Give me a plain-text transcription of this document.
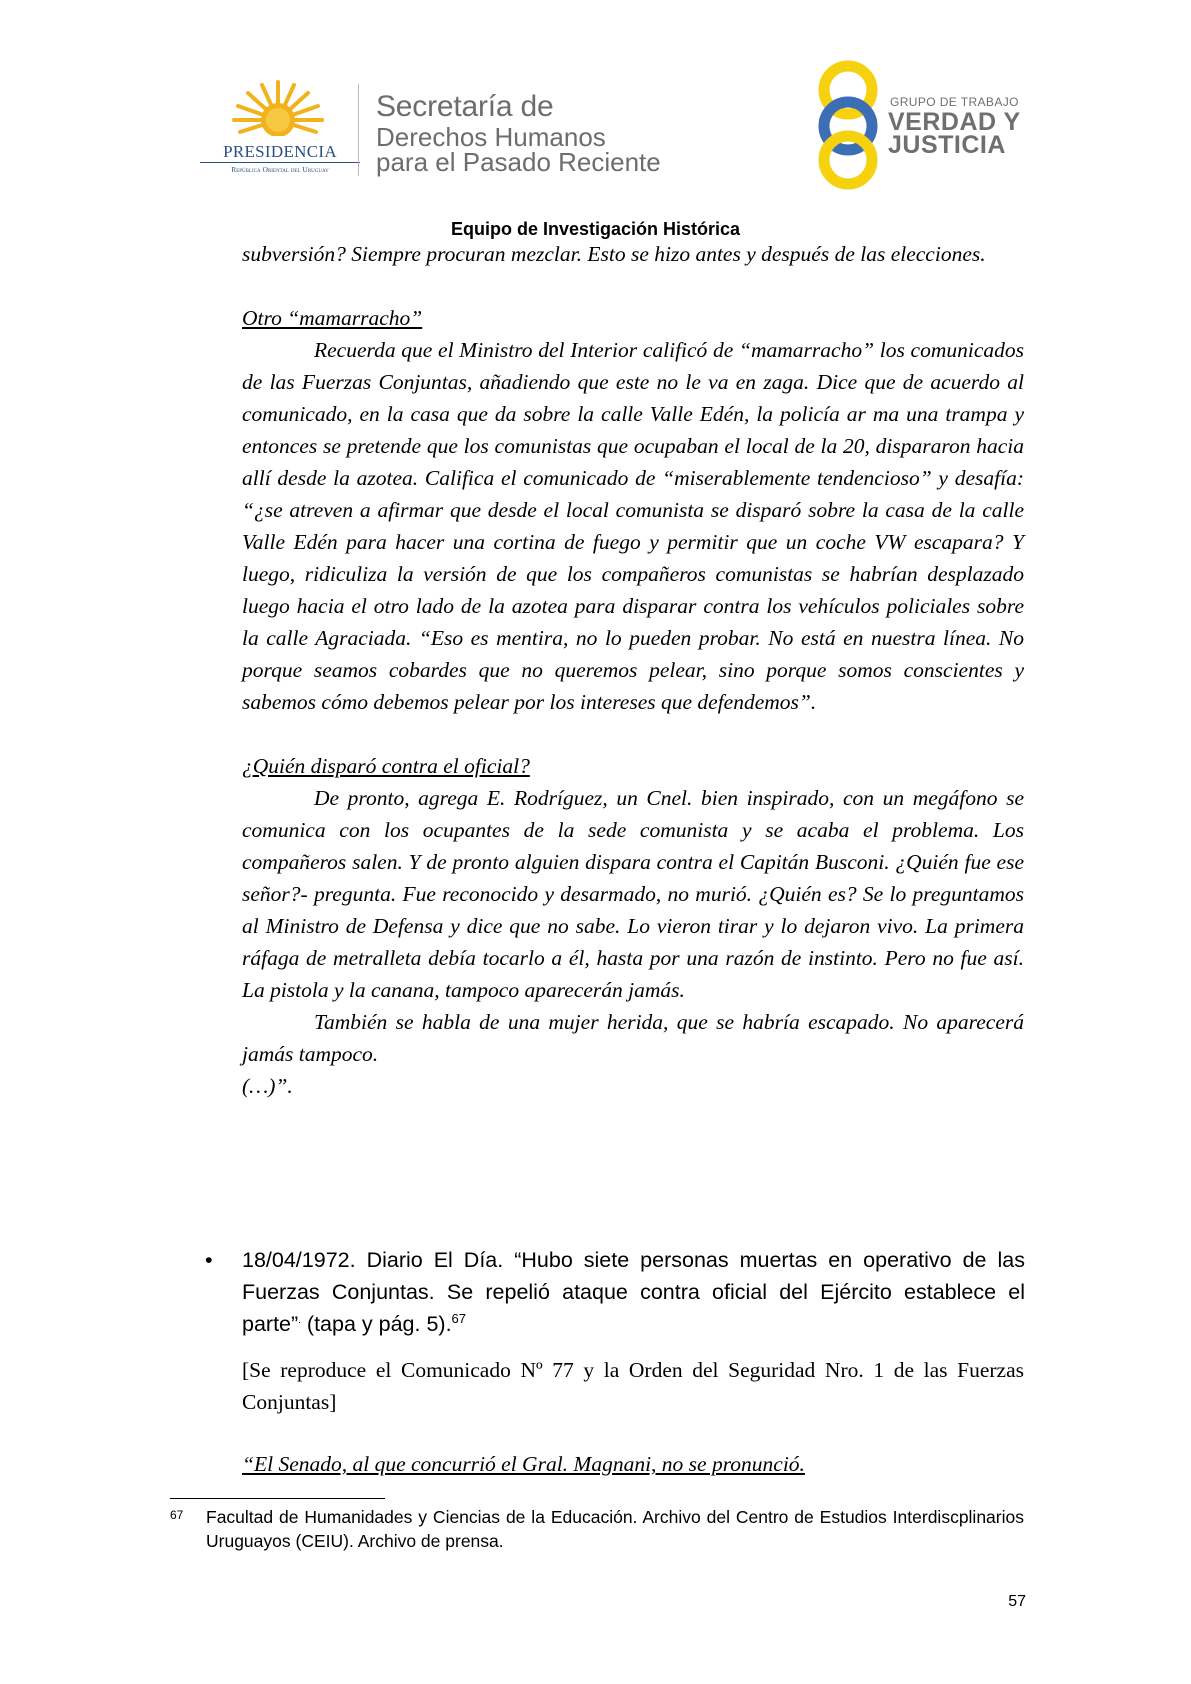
PRESIDENCIA
República Oriental del Uruguay
Secretaría de
Derechos Humanos
para el Pasado Reciente
GRUPO DE TRABAJO
VERDAD Y
JUSTICIA
Equipo de Investigación Histórica

subversión? Siempre procuran mezclar. Esto se hizo antes y después de las elecciones.

Otro “mamarracho”

Recuerda que el Ministro del Interior calificó de “mamarracho” los comunicados de las Fuerzas Conjuntas, añadiendo que este no le va en zaga. Dice que de acuerdo al comunicado, en la casa que da sobre la calle Valle Edén, la policía ar ma una trampa y entonces se pretende que los comunistas que ocupaban el local de la 20, dispararon hacia allí desde la azotea. Califica el comunicado de “miserablemente tendencioso” y desafía: “¿se atreven a afirmar que desde el local comunista se disparó sobre la casa de la calle Valle Edén para hacer una cortina de fuego y permitir que un coche VW escapara? Y luego, ridiculiza la versión de que los compañeros comunistas se habrían desplazado luego hacia el otro lado de la azotea para disparar contra los vehículos policiales sobre la calle Agraciada. “Eso es mentira, no lo pueden probar. No está en nuestra línea. No porque seamos cobardes que no queremos pelear, sino porque somos conscientes y sabemos cómo debemos pelear por los intereses que defendemos”.

¿Quién disparó contra el oficial?

De pronto, agrega E. Rodríguez, un Cnel. bien inspirado, con un megáfono se comunica con los ocupantes de la sede comunista y se acaba el problema. Los compañeros salen. Y de pronto alguien dispara contra el Capitán Busconi. ¿Quién fue ese señor?- pregunta. Fue reconocido y desarmado, no murió. ¿Quién es? Se lo preguntamos al Ministro de Defensa y dice que no sabe. Lo vieron tirar y lo dejaron vivo. La primera ráfaga de metralleta debía tocarlo a él, hasta por una razón de instinto. Pero no fue así. La pistola y la canana, tampoco aparecerán jamás.

También se habla de una mujer herida, que se habría escapado. No aparecerá jamás tampoco.

(…)”.

• 18/04/1972. Diario El Día. “Hubo siete personas muertas en operativo de las Fuerzas Conjuntas. Se repelió ataque contra oficial del Ejército establece el parte”. (tapa y pág. 5).$^{67}$
[Se reproduce el Comunicado Nº 77 y la Orden del Seguridad Nro. 1 de las Fuerzas Conjuntas]
“El Senado, al que concurrió el Gral. Magnani, no se pronunció.
67 Facultad de Humanidades y Ciencias de la Educación. Archivo del Centro de Estudios Interdiscplinarios Uruguayos (CEIU). Archivo de prensa.
57
